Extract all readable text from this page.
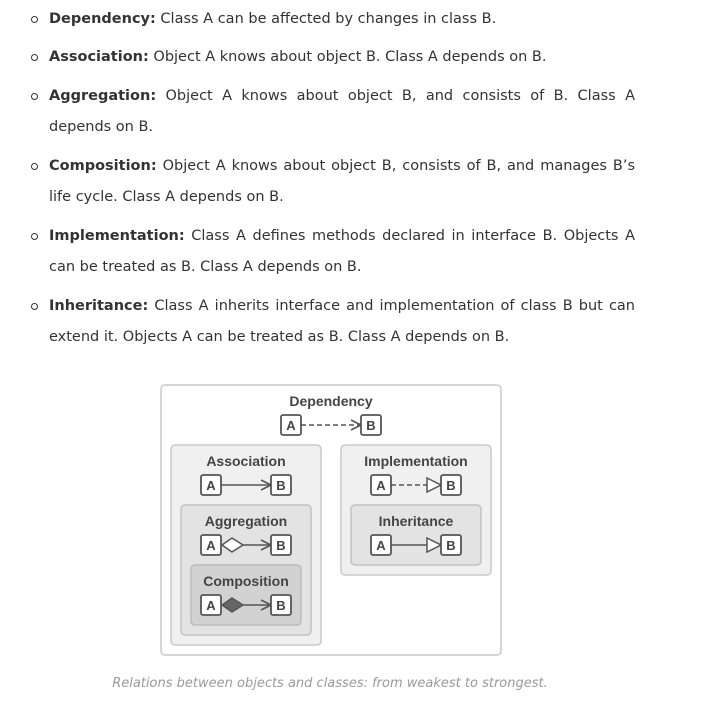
Dependency: Class A can be affected by changes in class B.
Association: Object A knows about object B. Class A depends on B.
Aggregation: Object A knows about object B, and consists of B. Class A depends on B.
Composition: Object A knows about object B, consists of B, and manages B’s life cycle. Class A depends on B.
Implementation: Class A defines methods declared in interface B. Objects A can be treated as B. Class A depends on B.
Inheritance: Class A inherits interface and implementation of class B but can extend it. Objects A can be treated as B. Class A depends on B.
Dependency
Association
Aggregation
Composition
Implementation
Inheritance
A	B
A	B
A	B
A	B
A	B
A	B
Relations between objects and classes: from weakest to strongest.
